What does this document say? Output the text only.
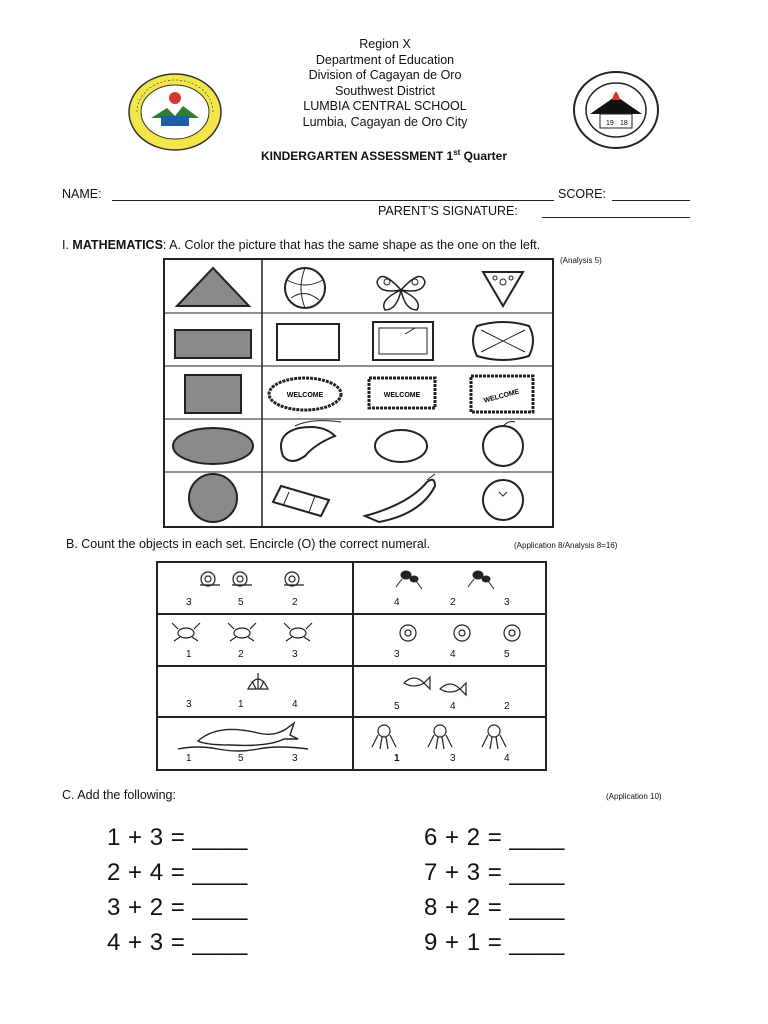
Region X
Department of Education
Division of Cagayan de Oro
Southwest District
LUMBIA CENTRAL SCHOOL
Lumbia, Cagayan de Oro City	19 18
KINDERGARTEN ASSESSMENT 1st Quarter
NAME:	SCORE:
PARENT’S SIGNATURE:
I. MATHEMATICS: A. Color the picture that has the same shape as the one on the left.
(Analysis 5)
WELCOME	WELCOME	WELCOME
B. Count the objects in each set. Encircle (O) the correct numeral.	(Application 8/Analysis 8=16)
3	5	2	4	2	3
1	2	3	3	4	5
3	1	4	5	4	2
1	5	3	1	3	4
C. Add the following:	(Application 10)
1 + 3 = ____
2 + 4 = ____
3 + 2 = ____
4 + 3 = ____
6 + 2 = ____
7 + 3 = ____
8 + 2 = ____
9 + 1 = ____
